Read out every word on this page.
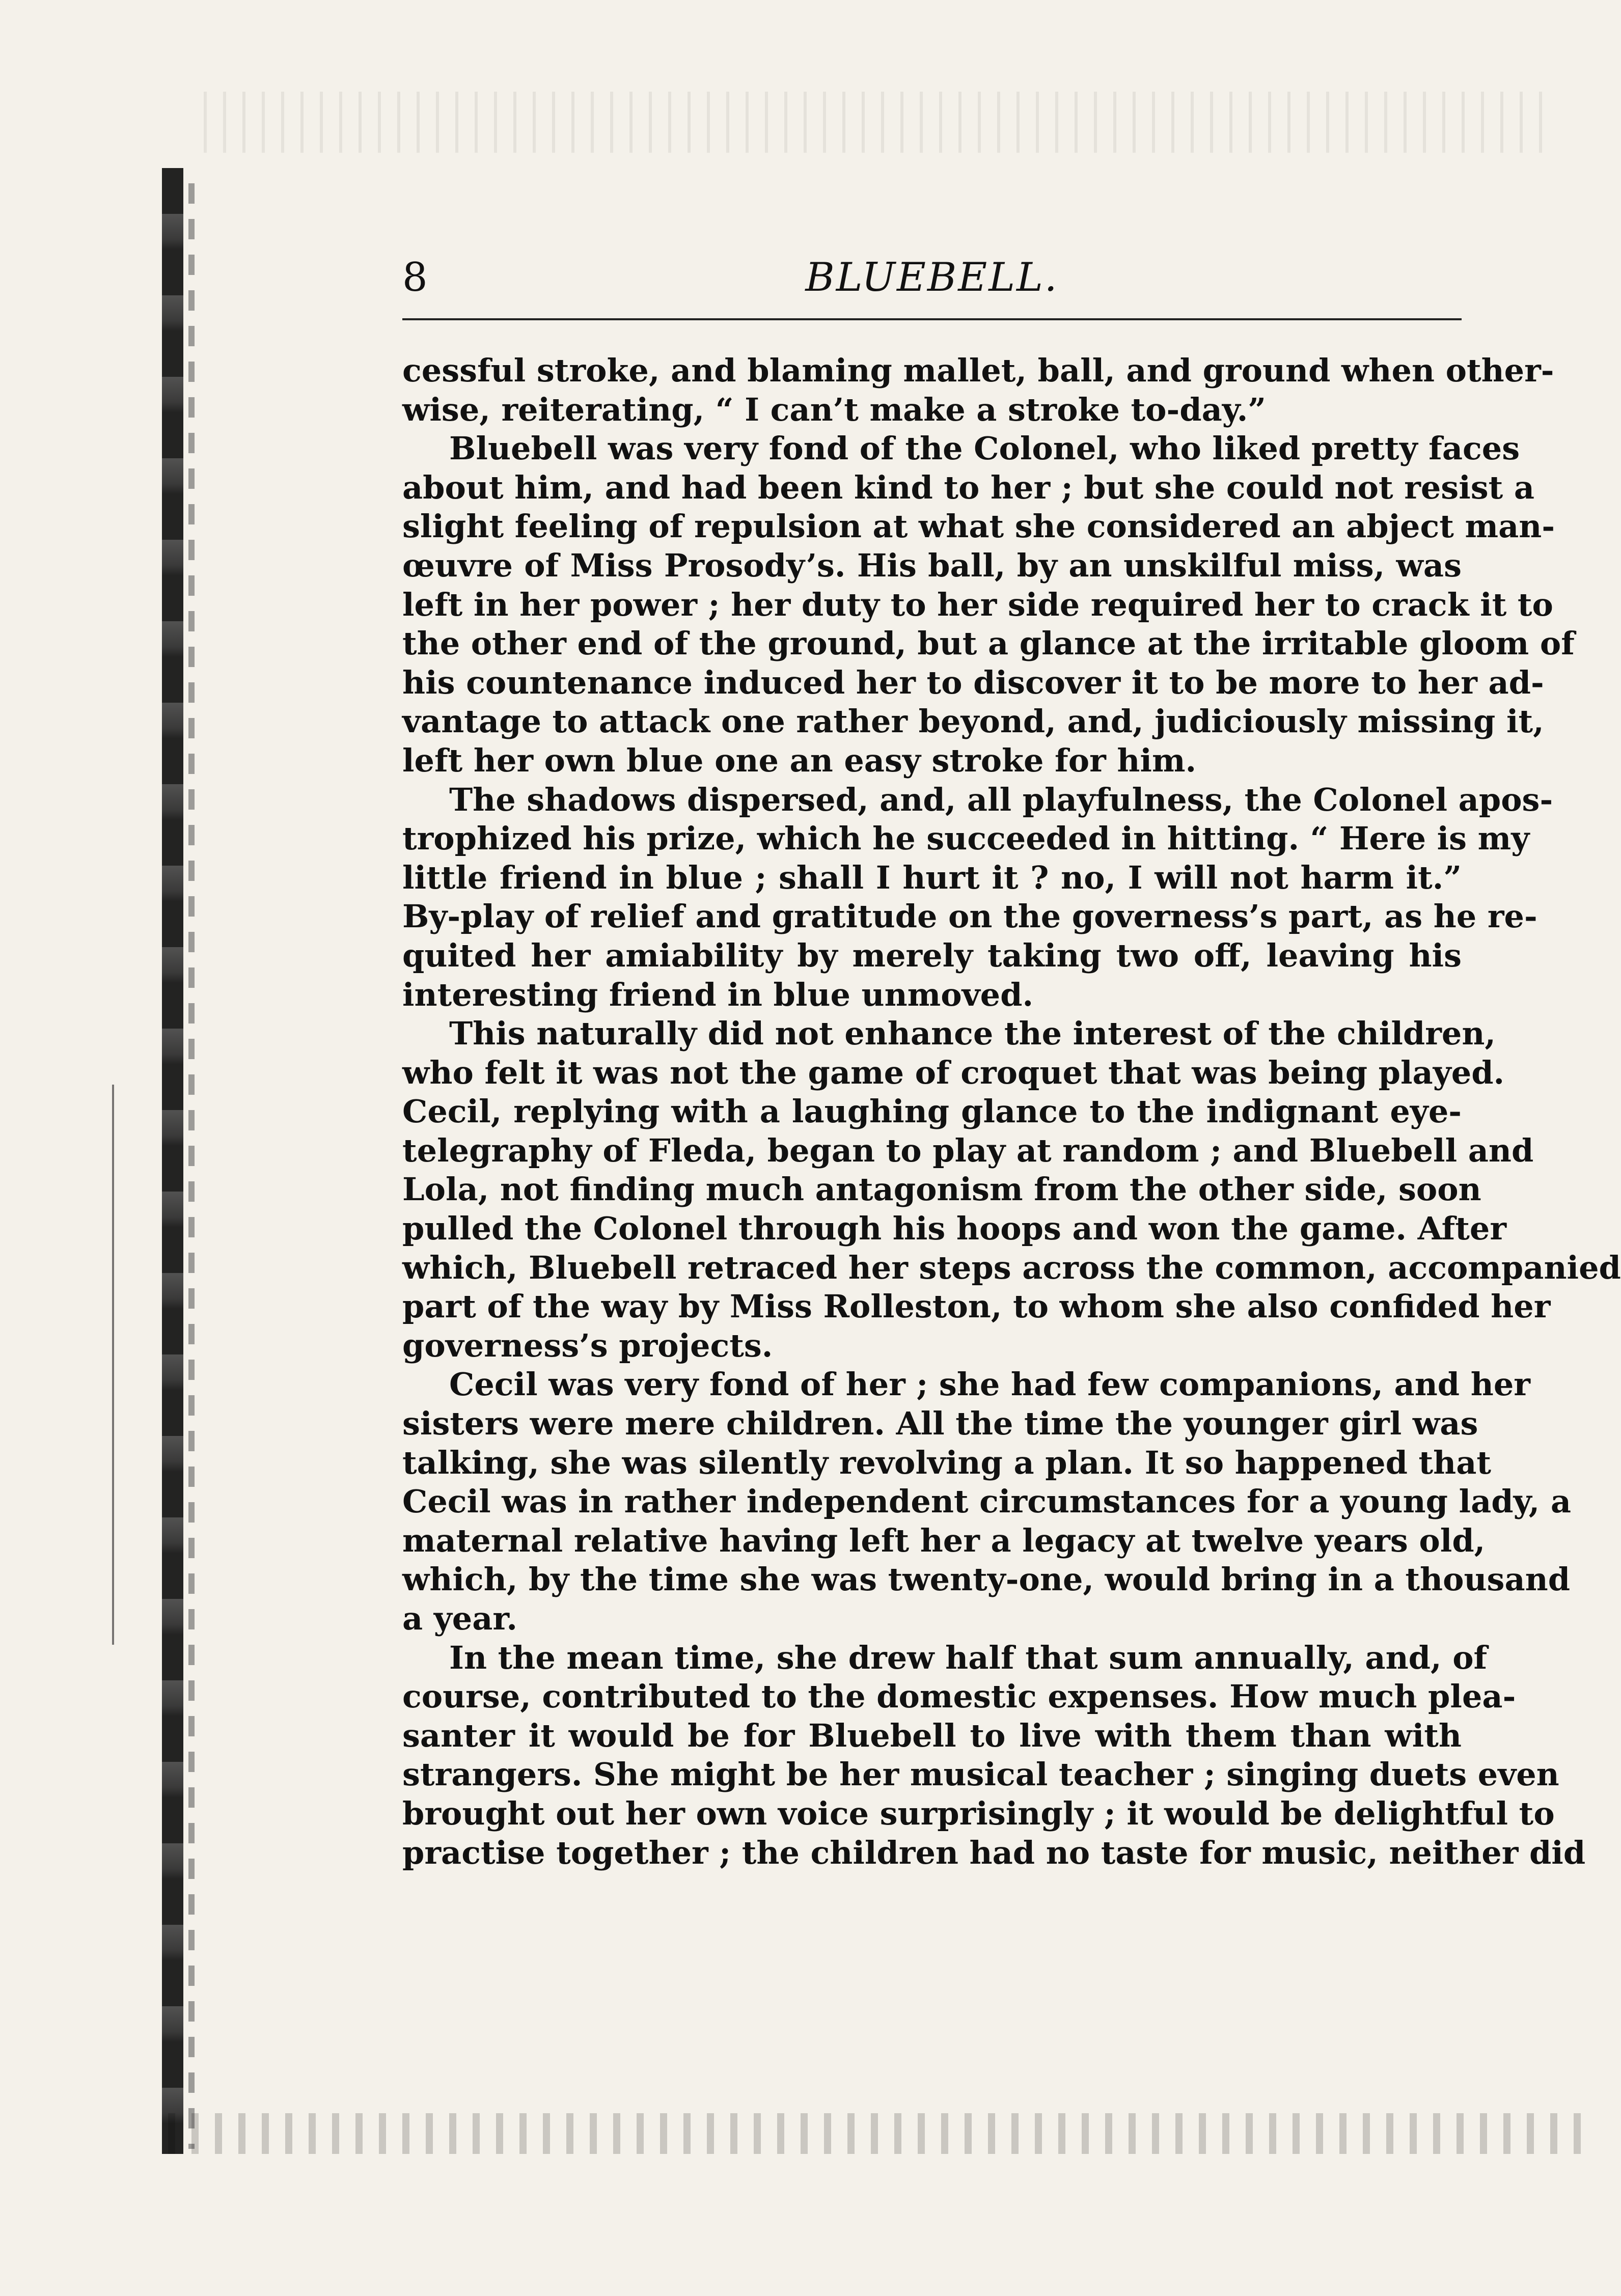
8	BLUEBELL.
cessful stroke, and blaming mallet, ball, and ground when other-
wise, reiterating, “ I can’t make a stroke to-day.”
Bluebell was very fond of the Colonel, who liked pretty faces
about him, and had been kind to her ; but she could not resist a
slight feeling of repulsion at what she considered an abject man-
œuvre of Miss Prosody’s. His ball, by an unskilful miss, was
left in her power ; her duty to her side required her to crack it to
the other end of the ground, but a glance at the irritable gloom of
his countenance induced her to discover it to be more to her ad-
vantage to attack one rather beyond, and, judiciously missing it,
left her own blue one an easy stroke for him.
The shadows dispersed, and, all playfulness, the Colonel apos-
trophized his prize, which he succeeded in hitting. “ Here is my
little friend in blue ; shall I hurt it ? no, I will not harm it.”
By-play of relief and gratitude on the governess’s part, as he re-
quited her amiability by merely taking two off, leaving his
interesting friend in blue unmoved.
This naturally did not enhance the interest of the children,
who felt it was not the game of croquet that was being played.
Cecil, replying with a laughing glance to the indignant eye-
telegraphy of Fleda, began to play at random ; and Bluebell and
Lola, not finding much antagonism from the other side, soon
pulled the Colonel through his hoops and won the game. After
which, Bluebell retraced her steps across the common, accompanied
part of the way by Miss Rolleston, to whom she also confided her
governess’s projects.
Cecil was very fond of her ; she had few companions, and her
sisters were mere children. All the time the younger girl was
talking, she was silently revolving a plan. It so happened that
Cecil was in rather independent circumstances for a young lady, a
maternal relative having left her a legacy at twelve years old,
which, by the time she was twenty-one, would bring in a thousand
a year.
In the mean time, she drew half that sum annually, and, of
course, contributed to the domestic expenses. How much plea-
santer it would be for Bluebell to live with them than with
strangers. She might be her musical teacher ; singing duets even
brought out her own voice surprisingly ; it would be delightful to
practise together ; the children had no taste for music, neither did
